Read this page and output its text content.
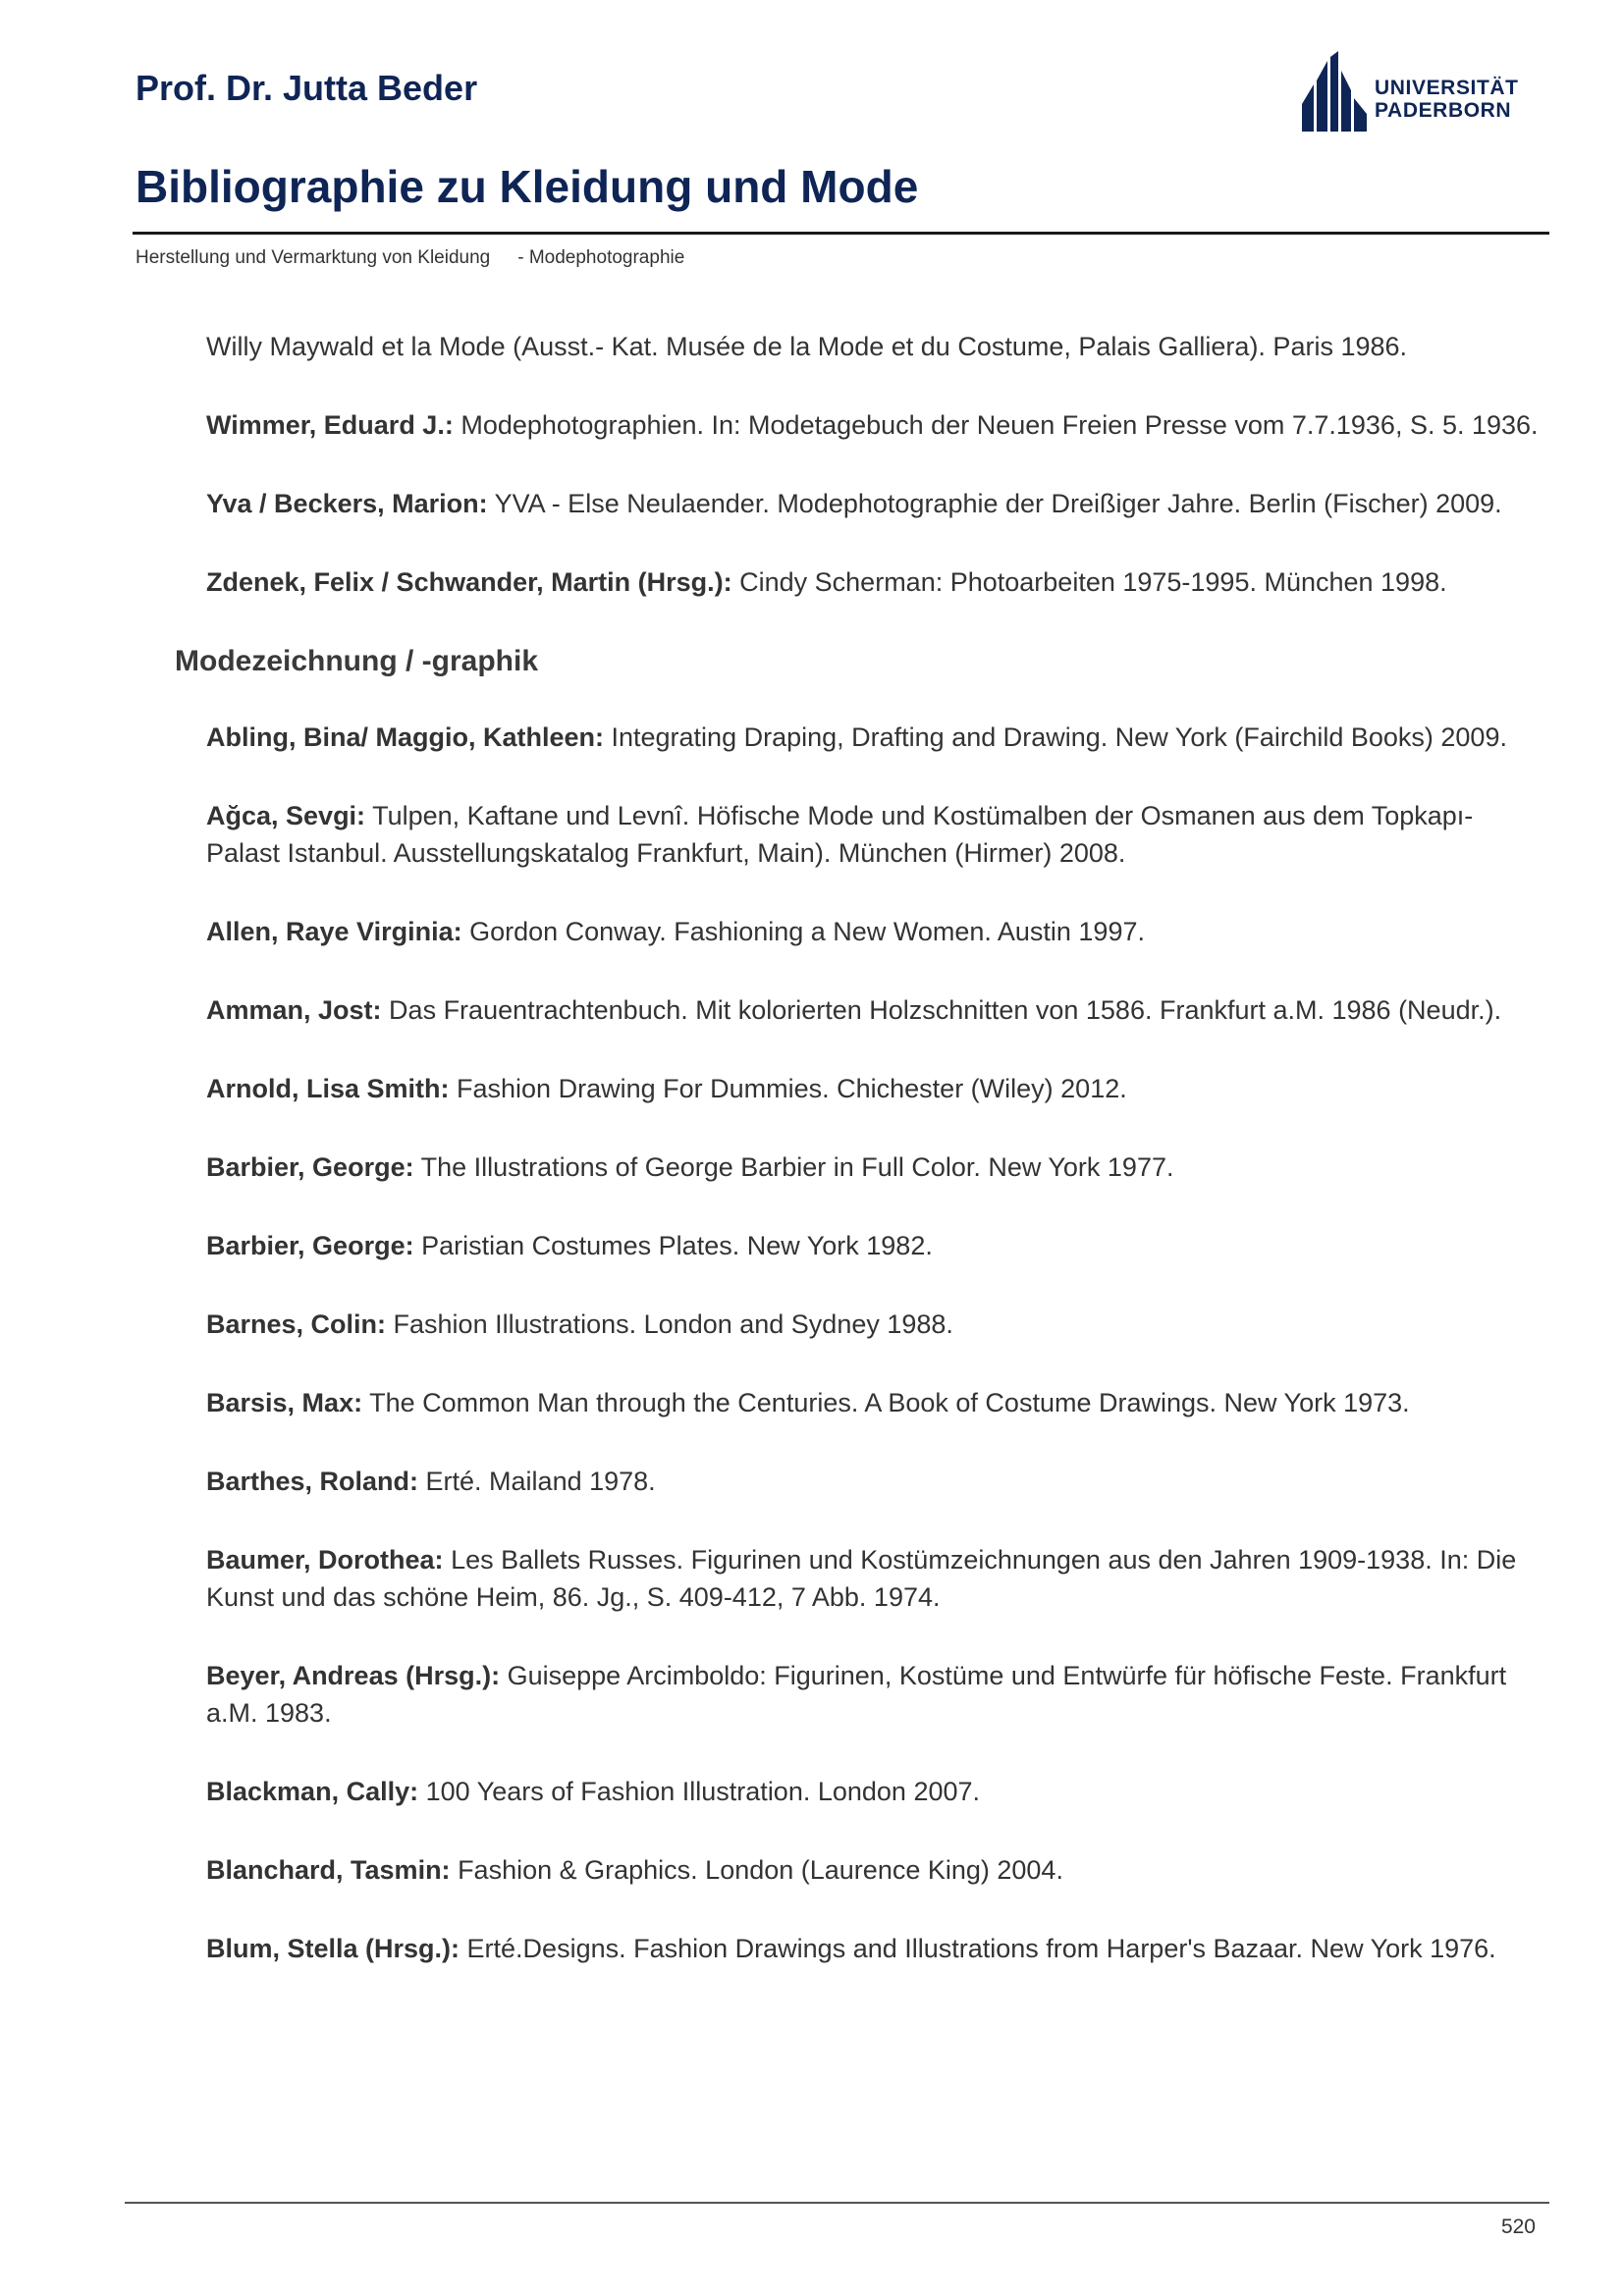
Prof. Dr. Jutta Beder	UNIVERSITÄT
PADERBORN
Bibliographie zu Kleidung und Mode
Herstellung und Vermarktung von Kleidung - Modephotographie
Willy Maywald et la Mode (Ausst.- Kat. Musée de la Mode et du Costume, Palais Galliera). Paris 1986.
Wimmer, Eduard J.: Modephotographien. In: Modetagebuch der Neuen Freien Presse vom 7.7.1936, S. 5. 1936.
Yva / Beckers, Marion: YVA - Else Neulaender. Modephotographie der Dreißiger Jahre. Berlin (Fischer) 2009.
Zdenek, Felix / Schwander, Martin (Hrsg.): Cindy Scherman: Photoarbeiten 1975-1995. München 1998.
Modezeichnung / -graphik
Abling, Bina/ Maggio, Kathleen: Integrating Draping, Drafting and Drawing. New York (Fairchild Books) 2009.
Ağca, Sevgi: Tulpen, Kaftane und Levnî. Höfische Mode und Kostümalben der Osmanen aus dem Topkapı-Palast Istanbul. Ausstellungskatalog Frankfurt, Main). München (Hirmer) 2008.
Allen, Raye Virginia: Gordon Conway. Fashioning a New Women. Austin 1997.
Amman, Jost: Das Frauentrachtenbuch. Mit kolorierten Holzschnitten von 1586. Frankfurt a.M. 1986 (Neudr.).
Arnold, Lisa Smith: Fashion Drawing For Dummies. Chichester (Wiley) 2012.
Barbier, George: The Illustrations of George Barbier in Full Color. New York 1977.
Barbier, George: Paristian Costumes Plates. New York 1982.
Barnes, Colin: Fashion Illustrations. London and Sydney 1988.
Barsis, Max: The Common Man through the Centuries. A Book of Costume Drawings. New York 1973.
Barthes, Roland: Erté. Mailand 1978.
Baumer, Dorothea: Les Ballets Russes. Figurinen und Kostümzeichnungen aus den Jahren 1909-1938. In: Die Kunst und das schöne Heim, 86. Jg., S. 409-412, 7 Abb. 1974.
Beyer, Andreas (Hrsg.): Guiseppe Arcimboldo: Figurinen, Kostüme und Entwürfe für höfische Feste. Frankfurt a.M. 1983.
Blackman, Cally: 100 Years of Fashion Illustration. London 2007.
Blanchard, Tasmin: Fashion & Graphics. London (Laurence King) 2004.
Blum, Stella (Hrsg.): Erté.Designs. Fashion Drawings and Illustrations from Harper's Bazaar. New York 1976.
520
